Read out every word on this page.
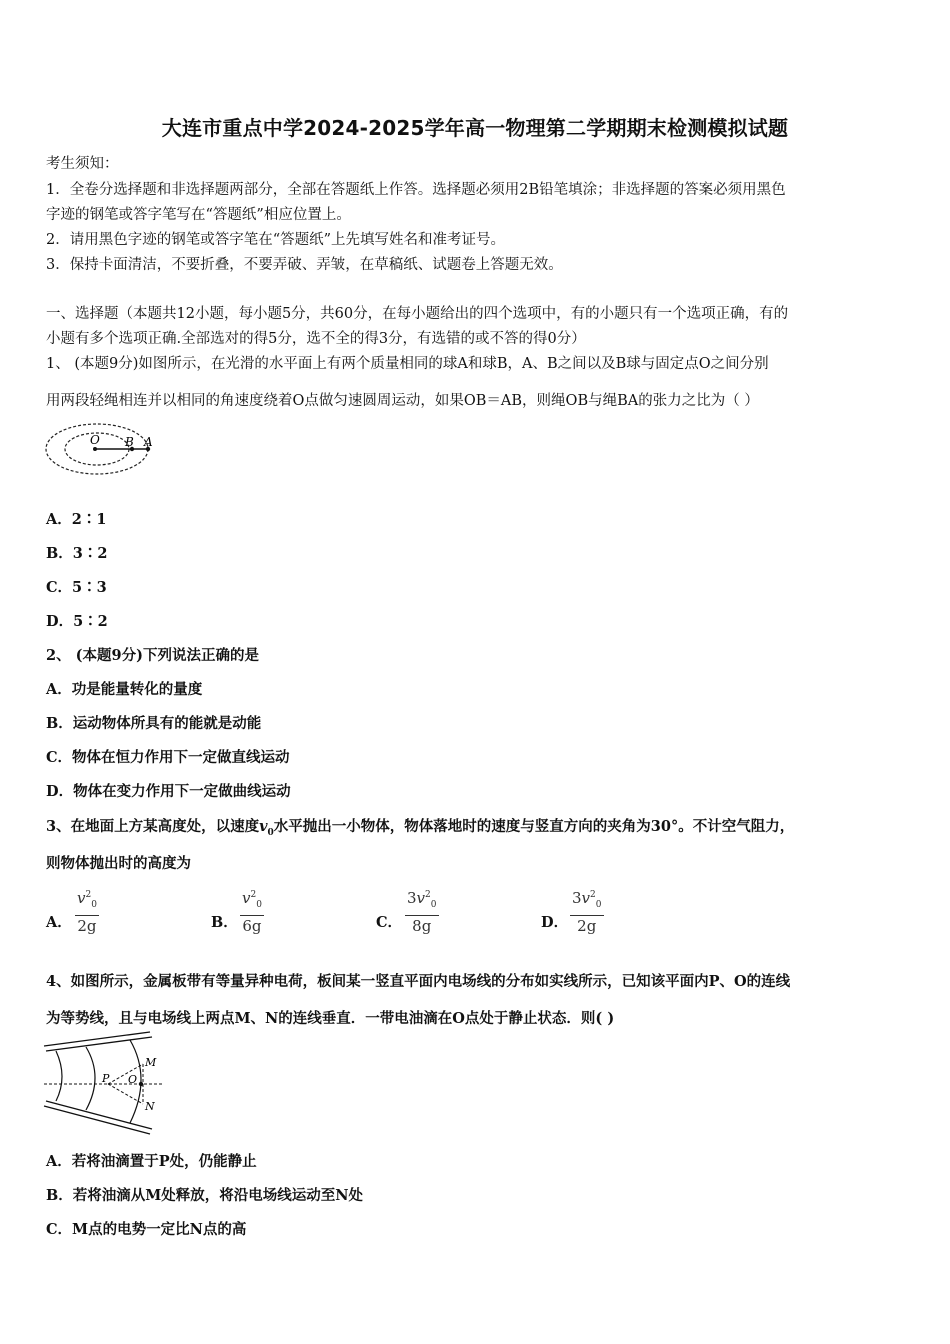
大连市重点中学2024-2025学年高一物理第二学期期末检测模拟试题
考生须知：
1．全卷分选择题和非选择题两部分，全部在答题纸上作答。选择题必须用2B铅笔填涂；非选择题的答案必须用黑色
字迹的钢笔或答字笔写在“答题纸”相应位置上。
2．请用黑色字迹的钢笔或答字笔在“答题纸”上先填写姓名和准考证号。
3．保持卡面清洁，不要折叠，不要弄破、弄皱，在草稿纸、试题卷上答题无效。
一、选择题（本题共12小题，每小题5分，共60分，在每小题给出的四个选项中，有的小题只有一个选项正确，有的
小题有多个选项正确.全部选对的得5分，选不全的得3分，有选错的或不答的得0分）
1、 (本题9分)如图所示，在光滑的水平面上有两个质量相同的球A和球B，A、B之间以及B球与固定点O之间分别
用两段轻绳相连并以相同的角速度绕着O点做匀速圆周运动，如果OB＝AB，则绳OB与绳BA的张力之比为（ ）
O B A
A．2∶1
B．3∶2
C．5∶3
D．5∶2
2、 (本题9分)下列说法正确的是
A．功是能量转化的量度
B．运动物体所具有的能就是动能
C．物体在恒力作用下一定做直线运动
D．物体在变力作用下一定做曲线运动
3、在地面上方某高度处，以速度$v_0$水平抛出一小物体，物体落地时的速度与竖直方向的夹角为30°。不计空气阻力，
则物体抛出时的高度为
A． $\frac{v^2_0}{2g}$	B． $\frac{v^2_0}{6g}$	C． $\frac{3v^2_0}{8g}$	D． $\frac{3v^2_0}{2g}$
4、如图所示，金属板带有等量异种电荷，板间某一竖直平面内电场线的分布如实线所示，已知该平面内P、O的连线
为等势线，且与电场线上两点M、N的连线垂直．一带电油滴在O点处于静止状态．则( )
M
N
P O
A．若将油滴置于P处，仍能静止
B．若将油滴从M处释放，将沿电场线运动至N处
C．M点的电势一定比N点的高
